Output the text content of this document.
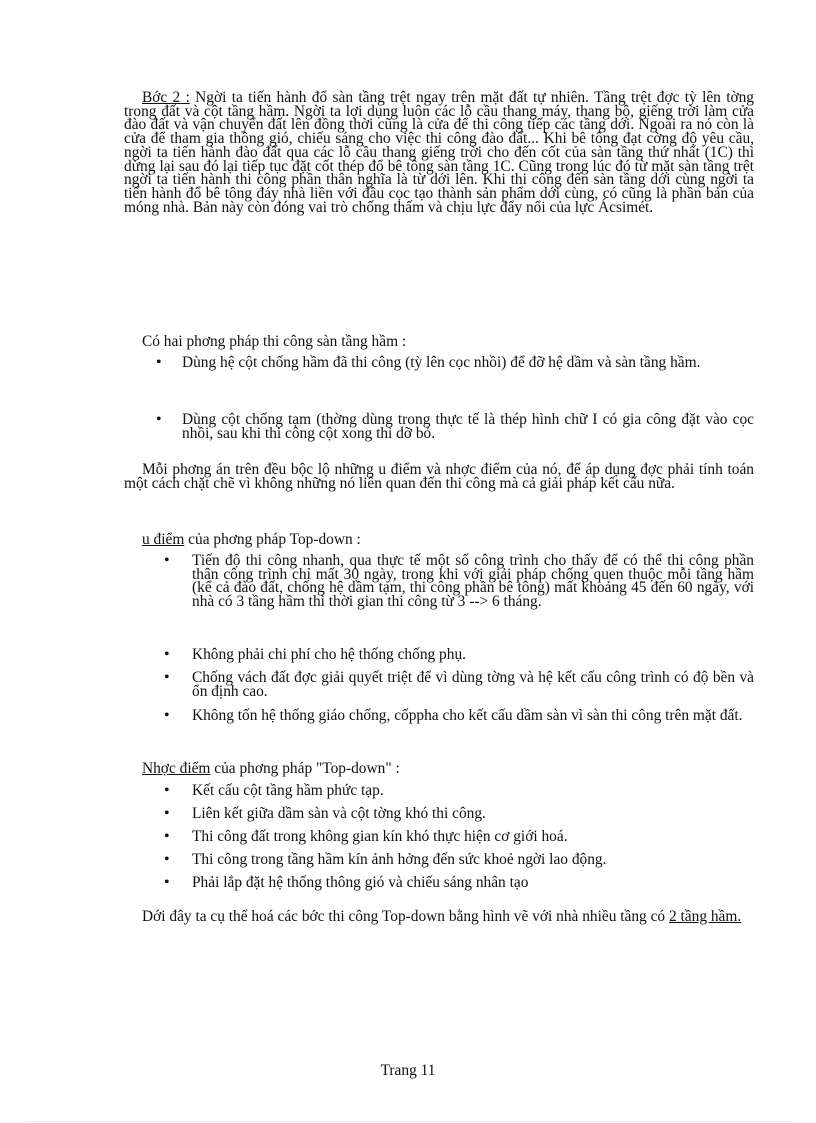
Bớc 2 : Ngời ta tiến hành đổ sàn tầng trệt ngay trên mặt đất tự nhiên. Tầng trệt đợc tỳ lên tờng trong đất và cột tầng hầm. Ngời ta lợi dụng luôn các lỗ cầu thang máy, thang bộ, giếng trời làm cửa đào đất và vận chuyển đất lên đồng thời cũng là cửa để thi công tiếp các tầng dới. Ngoài ra nó còn là cửa để tham gia thông gió, chiếu sáng cho việc thi công đào đất... Khi bê tông đạt cờng độ yêu cầu, ngời ta tiến hành đào đất qua các lỗ cầu thang giếng trời cho đến cốt của sàn tầng thứ nhất (1C) thì dừng lại sau đó lại tiếp tục đặt cốt thép đổ bê tông sàn tầng 1C. Cũng trong lúc đó từ mặt sàn tầng trệt ngời ta tiến hành thi công phần thân nghĩa là từ dới lên. Khi thi công đến sàn tầng dới cùng ngời ta tiến hành đổ bê tông đáy nhà liền với đầu cọc tạo thành sản phẩm dới cùng, có cũng là phần bản của móng nhà. Bản này còn đóng vai trò chống thấm và chịu lực đẩy nổi của lực Ácsimét.

Có hai phơng pháp thi công sàn tầng hầm :

•	Dùng hệ cột chống hầm đã thi công (tỳ lên cọc nhồi) để đỡ hệ dầm và sàn tầng hầm.

•	Dùng cột chống tạm (thờng dùng trong thực tế là thép hình chữ I có gia công đặt vào cọc nhồi, sau khi thi công cột xong thì dỡ bỏ.

Mỗi phơng án trên đều bộc lộ những u điểm và nhợc điểm của nó, để áp dụng đợc phải tính toán một cách chặt chẽ vì không những nó liên quan đến thi công mà cả giải pháp kết cấu nữa.

u điểm của phơng pháp Top-down :

•	Tiến độ thi công nhanh, qua thực tế một số công trình cho thấy để có thể thi công phần thân công trình chỉ mất 30 ngày, trong khi với giải pháp chống quen thuộc mỗi tầng hầm (kể cả đào đất, chống hệ dầm tạm, thi công phần bê tông) mất khoảng 45 đến 60 ngày, với nhà có 3 tầng hầm thì thời gian thi công từ 3 --> 6 tháng.

•	Không phải chi phí cho hệ thống chống phụ.

•	Chống vách đất đợc giải quyết triệt để vì dùng tờng và hệ kết cấu công trình có độ bền và ổn định cao.

•	Không tốn hệ thống giáo chống, cốppha cho kết cấu dầm sàn vì sàn thi công trên mặt đất.

Nhợc điểm của phơng pháp "Top-down" :

•	Kết cấu cột tầng hầm phức tạp.

•	Liên kết giữa dầm sàn và cột tờng khó thi công.

•	Thi công đất trong không gian kín khó thực hiện cơ giới hoá.

•	Thi công trong tầng hầm kín ảnh hởng đến sức khoẻ ngời lao động.

•	Phải lắp đặt hệ thống thông gió và chiếu sáng nhân tạo

Dới đây ta cụ thể hoá các bớc thi công Top-down bằng hình vẽ với nhà nhiều tầng có 2 tầng hầm.

Trang 11
